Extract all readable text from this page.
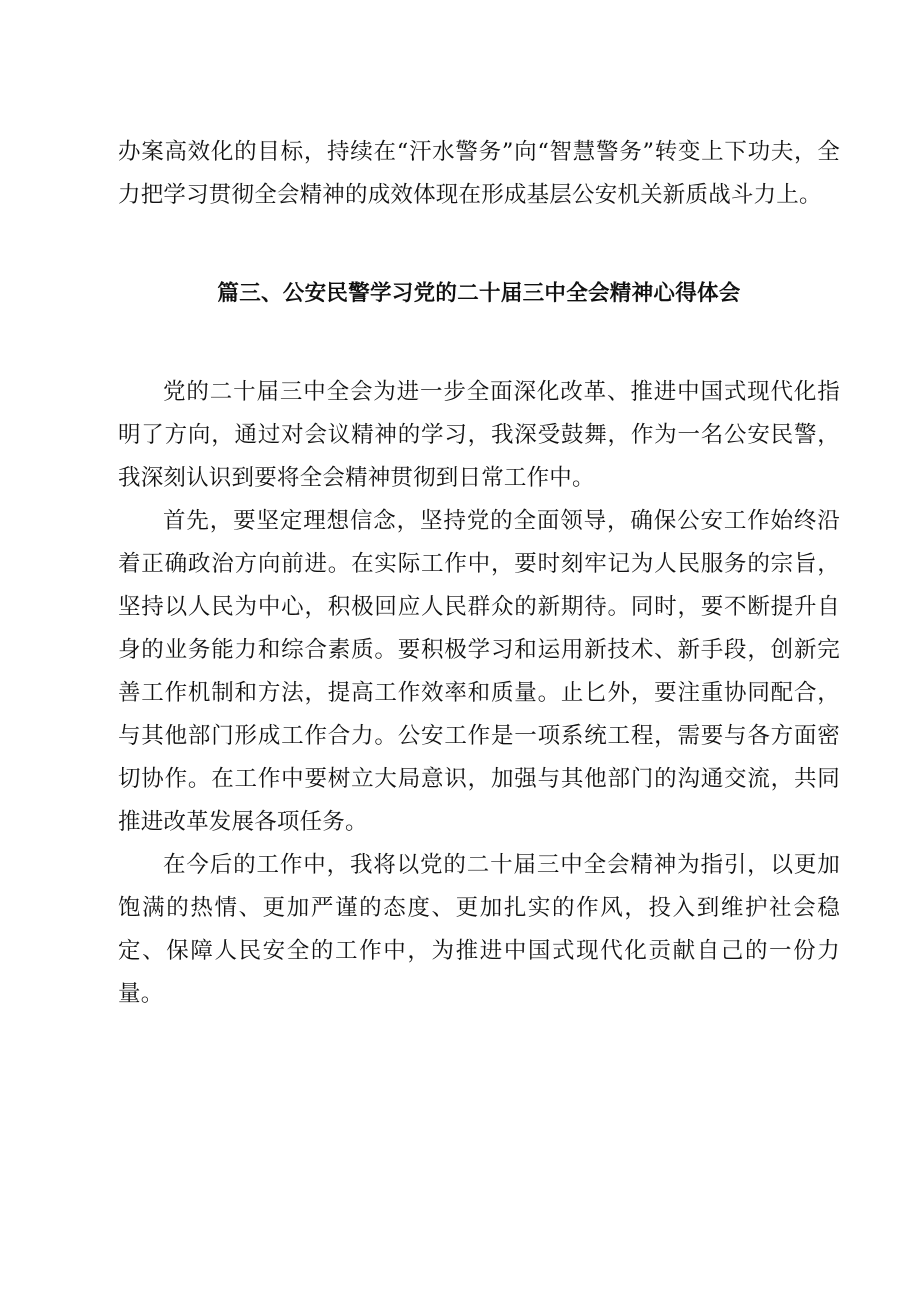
办案高效化的目标，持续在“汗水警务”向“智慧警务”转变上下功夫，全力把学习贯彻全会精神的成效体现在形成基层公安机关新质战斗力上。

篇三、公安民警学习党的二十届三中全会精神心得体会

党的二十届三中全会为进一步全面深化改革、推进中国式现代化指明了方向，通过对会议精神的学习，我深受鼓舞，作为一名公安民警，我深刻认识到要将全会精神贯彻到日常工作中。

首先，要坚定理想信念，坚持党的全面领导，确保公安工作始终沿着正确政治方向前进。在实际工作中，要时刻牢记为人民服务的宗旨，坚持以人民为中心，积极回应人民群众的新期待。同时，要不断提升自身的业务能力和综合素质。要积极学习和运用新技术、新手段，创新完善工作机制和方法，提高工作效率和质量。止匕外，要注重协同配合，与其他部门形成工作合力。公安工作是一项系统工程，需要与各方面密切协作。在工作中要树立大局意识，加强与其他部门的沟通交流，共同推进改革发展各项任务。

在今后的工作中，我将以党的二十届三中全会精神为指引，以更加饱满的热情、更加严谨的态度、更加扎实的作风，投入到维护社会稳定、保障人民安全的工作中，为推进中国式现代化贡献自己的一份力量。
